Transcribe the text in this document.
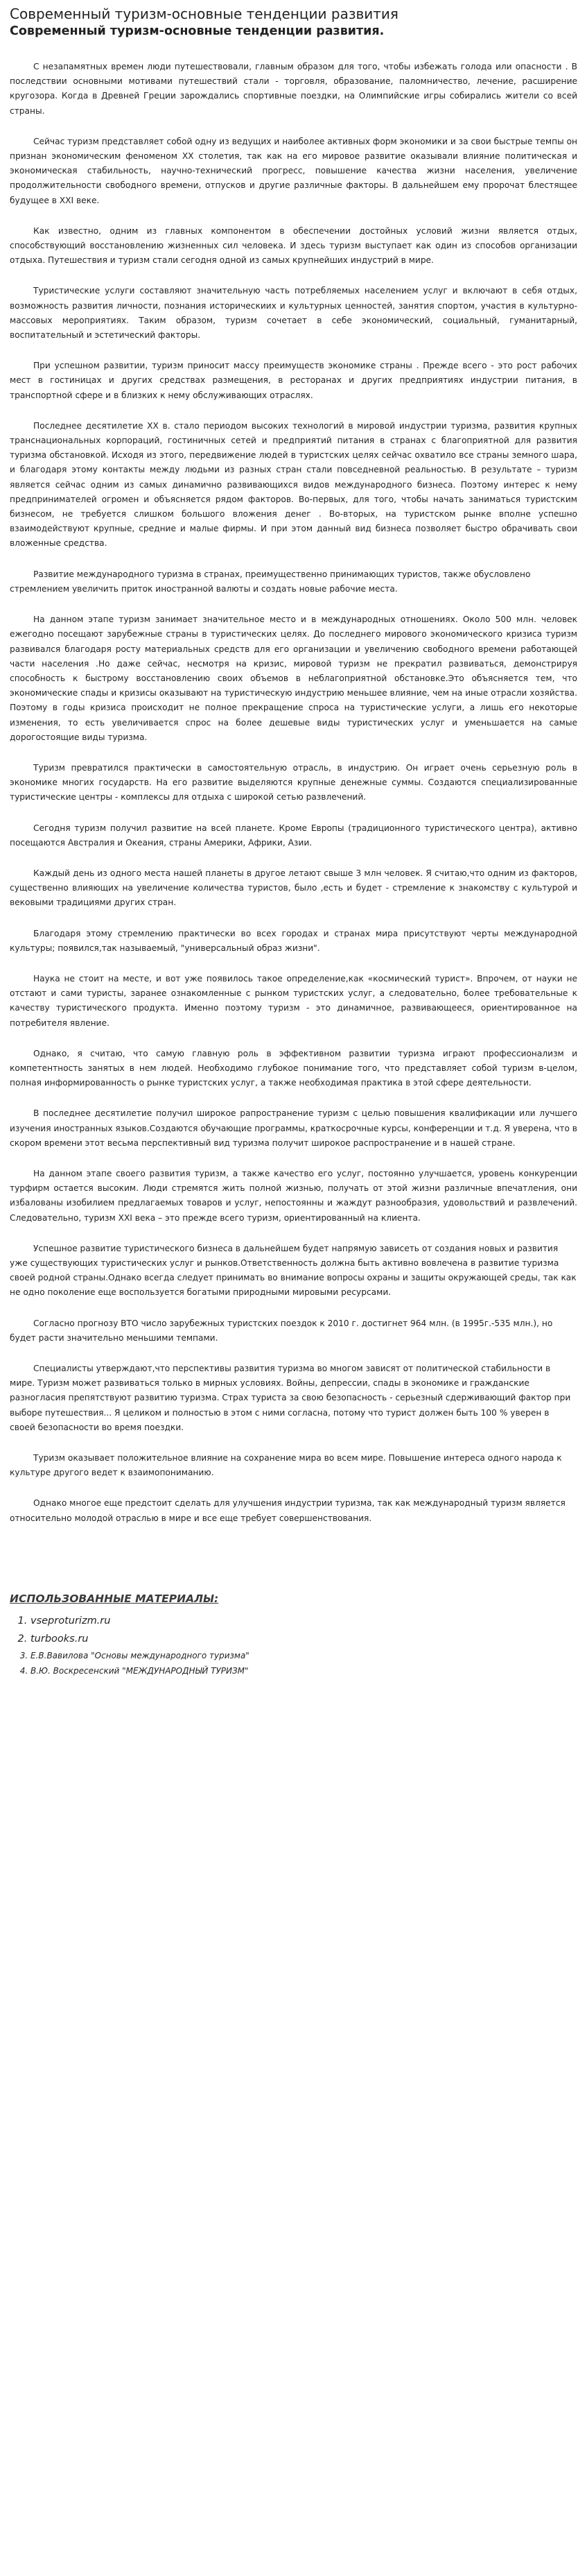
Современный туризм-основные тенденции развития
Современный туризм-основные тенденции развития.

С незапамятных времен люди путешествовали, главным образом для того, чтобы избежать голода или опасности . В последствии основными мотивами путешествий стали - торговля, образование, паломничество, лечение, расширение кругозора. Когда в Древней Греции зарождались спортивные поездки, на Олимпийские игры собирались жители со всей страны.

Сейчас туризм представляет собой одну из ведущих и наиболее активных форм экономики и за свои быстрые темпы он признан экономическим феноменом ХХ столетия, так как на его мировое развитие оказывали влияние политическая и экономическая стабильность, научно-технический прогресс, повышение качества жизни населения, увеличение продолжительности свободного времени, отпусков и другие различные факторы. В дальнейшем ему пророчат блестящее будущее в XXI веке.

Как известно, одним из главных компонентом в обеспечении достойных условий жизни является отдых, способствующий восстановлению жизненных сил человека. И здесь туризм выступает как один из способов организации отдыха. Путешествия и туризм стали сегодня одной из самых крупнейших индустрий в мире.

Туристические услуги составляют значительную часть потребляемых населением услуг и включают в себя отдых, возможность развития личности, познания историческиих и культурных ценностей, занятия спортом, участия в культурно-массовых мероприятиях. Таким образом, туризм сочетает в себе экономический, социальный, гуманитарный, воспитательный и эстетический факторы.

При успешном развитии, туризм приносит массу преимуществ экономике страны . Прежде всего - это рост рабочих мест в гостиницах и других средствах размещения, в ресторанах и других предприятиях индустрии питания, в транспортной сфере и в близких к нему обслуживающих отраслях.

Последнее десятилетие ХХ в. стало периодом высоких технологий в мировой индустрии туризма, развития крупных транснациональных корпораций, гостиничных сетей и предприятий питания в странах с благоприятной для развития туризма обстановкой. Исходя из этого, передвижение людей в туристских целях сейчас охватило все страны земного шара, и благодаря этому контакты между людьми из разных стран стали повседневной реальностью. В результате – туризм является сейчас одним из самых динамично развивающихся видов международного бизнеса. Поэтому интерес к нему предпринимателей огромен и объясняется рядом факторов. Во-первых, для того, чтобы начать заниматься туристским бизнесом, не требуется слишком большого вложения денег . Во-вторых, на туристском рынке вполне успешно взаимодействуют крупные, средние и малые фирмы. И при этом данный вид бизнеса позволяет быстро обрачивать свои вложенные средства.

Развитие международного туризма в странах, преимущественно принимающих туристов, также обусловлено стремлением увеличить приток иностранной валюты и создать новые рабочие места.

На данном этапе туризм занимает значительное место и в международных отношениях. Около 500 млн. человек ежегодно посещают зарубежные страны в туристических целях. До последнего мирового экономического кризиса туризм развивался благодаря росту материальных средств для его организации и увеличению свободного времени работающей части населения .Но даже сейчас, несмотря на кризис, мировой туризм не прекратил развиваться, демонстрируя способность к быстрому восстановлению своих объемов в неблагоприятной обстановке.Это объясняется тем, что экономические спады и кризисы оказывают на туристическую индустрию меньшее влияние, чем на иные отрасли хозяйства. Поэтому в годы кризиса происходит не полное прекращение спроса на туристические услуги, а лишь его некоторые изменения, то есть увеличивается спрос на более дешевые виды туристических услуг и уменьшается на самые дорогостоящие виды туризма.

Туризм превратился практически в самостоятельную отрасль, в индустрию. Он играет очень серьезную роль в экономике многих государств. На его развитие выделяются крупные денежные суммы. Создаются специализированные туристические центры - комплексы для отдыха с широкой сетью развлечений.

Сегодня туризм получил развитие на всей планете. Кроме Европы (традиционного туристического центра), активно посещаются Австралия и Океания, страны Америки, Африки, Азии.

Каждый день из одного места нашей планеты в другое летают свыше 3 млн человек. Я считаю,что одним из факторов, существенно влияющих на увеличение количества туристов, было ,есть и будет - стремление к знакомству с культурой и вековыми традициями других стран.

Благодаря этому стремлению практически во всех городах и странах мира присутствуют черты международной культуры; появился,так называемый, "универсальный образ жизни".

Наука не стоит на месте, и вот уже появилось такое определение,как «космический турист». Впрочем, от науки не отстают и сами туристы, заранее ознакомленные с рынком туристских услуг, а следовательно, более требовательные к качеству туристического продукта. Именно поэтому туризм - это динамичное, развивающееся, ориентированное на потребителя явление.

Однако, я считаю, что самую главную роль в эффективном развитии туризма играют профессионализм и компетентность занятых в нем людей. Необходимо глубокое понимание того, что представляет собой туризм в-целом, полная информированность о рынке туристских услуг, а также необходимая практика в этой сфере деятельности.

В последнее десятилетие получил широкое рапространение туризм с целью повышения квалификации или лучшего изучения иностранных языков.Создаются обучающие программы, краткосрочные курсы, конференции и т.д. Я уверена, что в скором времени этот весьма перспективный вид туризма получит широкое распространение и в нашей стране.

На данном этапе своего развития туризм, а также качество его услуг, постоянно улучшается, уровень конкуренции турфирм остается высоким. Люди стремятся жить полной жизнью, получать от этой жизни различные впечатления, они избалованы изобилием предлагаемых товаров и услуг, непостоянны и жаждут разнообразия, удовольствий и развлечений. Следовательно, туризм XXI века – это прежде всего туризм, ориентированный на клиента.

Успешное развитие туристического бизнеса в дальнейшем будет напрямую зависеть от создания новых и развития уже существующих туристических услуг и рынков.Ответственность должна быть активно вовлечена в развитие туризма своей родной страны.Однако всегда следует принимать во внимание вопросы охраны и защиты окружающей среды, так как не одно поколение еще воспользуется богатыми природными мировыми ресурсами.

Согласно прогнозу ВТО число зарубежных туристских поездок к 2010 г. достигнет 964 млн. (в 1995г.-535 млн.), но будет расти значительно меньшими темпами.

Специалисты утверждают,что перспективы развития туризма во многом зависят от политической стабильности в мире. Туризм может развиваться только в мирных условиях. Войны, депрессии, спады в экономике и гражданские разногласия препятствуют развитию туризма. Страх туриста за свою безопасность - серьезный сдерживающий фактор при выборе путешествия... Я целиком и полностью в этом с ними согласна, потому что турист должен быть 100 % уверен в своей безопасности во время поездки.

Туризм оказывает положительное влияние на сохранение мира во всем мире. Повышение интереса одного народа к культуре другого ведет к взаимопониманию.

Однако многое еще предстоит сделать для улучшения индустрии туризма, так как международный туризм является относительно молодой отраслью в мире и все еще требует совершенствования.

ИСПОЛЬЗОВАННЫЕ МАТЕРИАЛЫ:
1. vseproturizm.ru
2. turbooks.ru
3. Е.В.Вавилова "Основы международного туризма"
4. В.Ю. Воскресенский "МЕЖДУНАРОДНЫЙ ТУРИЗМ"
